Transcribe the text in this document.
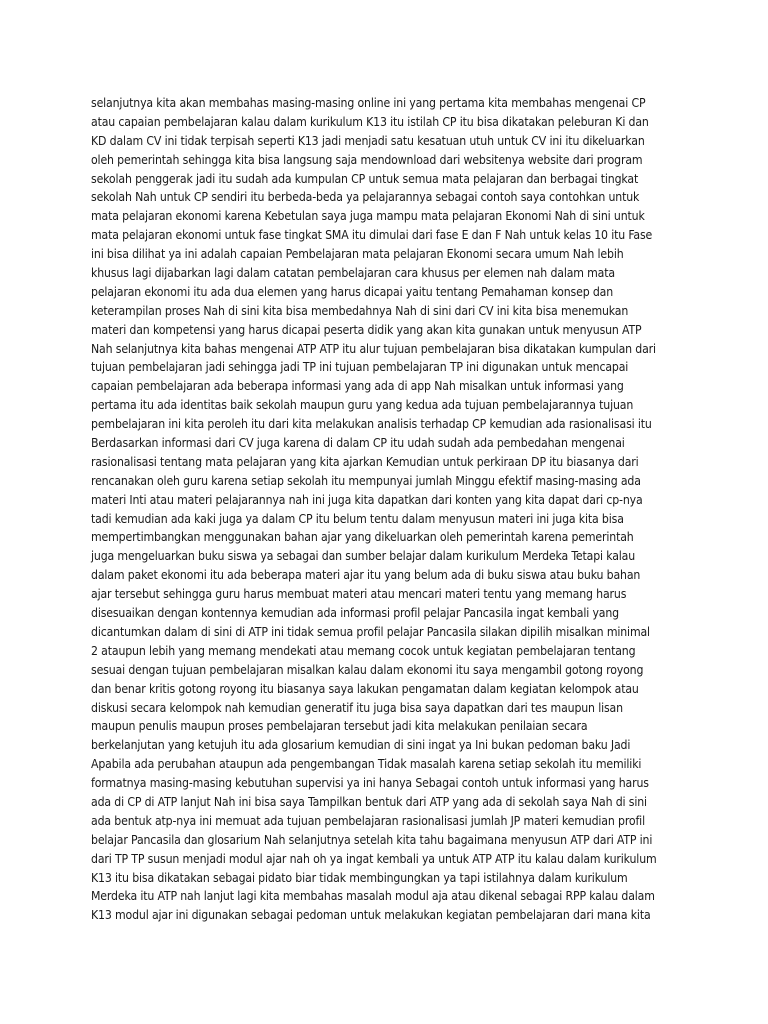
selanjutnya kita akan membahas masing-masing online ini yang pertama kita membahas mengenai CP
atau capaian pembelajaran kalau dalam kurikulum K13 itu istilah CP itu bisa dikatakan peleburan Ki dan
KD dalam CV ini tidak terpisah seperti K13 jadi menjadi satu kesatuan utuh untuk CV ini itu dikeluarkan
oleh pemerintah sehingga kita bisa langsung saja mendownload dari websitenya website dari program
sekolah penggerak jadi itu sudah ada kumpulan CP untuk semua mata pelajaran dan berbagai tingkat
sekolah Nah untuk CP sendiri itu berbeda-beda ya pelajarannya sebagai contoh saya contohkan untuk
mata pelajaran ekonomi karena Kebetulan saya juga mampu mata pelajaran Ekonomi Nah di sini untuk
mata pelajaran ekonomi untuk fase tingkat SMA itu dimulai dari fase E dan F Nah untuk kelas 10 itu Fase
ini bisa dilihat ya ini adalah capaian Pembelajaran mata pelajaran Ekonomi secara umum Nah lebih
khusus lagi dijabarkan lagi dalam catatan pembelajaran cara khusus per elemen nah dalam mata
pelajaran ekonomi itu ada dua elemen yang harus dicapai yaitu tentang Pemahaman konsep dan
keterampilan proses Nah di sini kita bisa membedahnya Nah di sini dari CV ini kita bisa menemukan
materi dan kompetensi yang harus dicapai peserta didik yang akan kita gunakan untuk menyusun ATP
Nah selanjutnya kita bahas mengenai ATP ATP itu alur tujuan pembelajaran bisa dikatakan kumpulan dari
tujuan pembelajaran jadi sehingga jadi TP ini tujuan pembelajaran TP ini digunakan untuk mencapai
capaian pembelajaran ada beberapa informasi yang ada di app Nah misalkan untuk informasi yang
pertama itu ada identitas baik sekolah maupun guru yang kedua ada tujuan pembelajarannya tujuan
pembelajaran ini kita peroleh itu dari kita melakukan analisis terhadap CP kemudian ada rasionalisasi itu
Berdasarkan informasi dari CV juga karena di dalam CP itu udah sudah ada pembedahan mengenai
rasionalisasi tentang mata pelajaran yang kita ajarkan Kemudian untuk perkiraan DP itu biasanya dari
rencanakan oleh guru karena setiap sekolah itu mempunyai jumlah Minggu efektif masing-masing ada
materi Inti atau materi pelajarannya nah ini juga kita dapatkan dari konten yang kita dapat dari cp-nya
tadi kemudian ada kaki juga ya dalam CP itu belum tentu dalam menyusun materi ini juga kita bisa
mempertimbangkan menggunakan bahan ajar yang dikeluarkan oleh pemerintah karena pemerintah
juga mengeluarkan buku siswa ya sebagai dan sumber belajar dalam kurikulum Merdeka Tetapi kalau
dalam paket ekonomi itu ada beberapa materi ajar itu yang belum ada di buku siswa atau buku bahan
ajar tersebut sehingga guru harus membuat materi atau mencari materi tentu yang memang harus
disesuaikan dengan kontennya kemudian ada informasi profil pelajar Pancasila ingat kembali yang
dicantumkan dalam di sini di ATP ini tidak semua profil pelajar Pancasila silakan dipilih misalkan minimal
2 ataupun lebih yang memang mendekati atau memang cocok untuk kegiatan pembelajaran tentang
sesuai dengan tujuan pembelajaran misalkan kalau dalam ekonomi itu saya mengambil gotong royong
dan benar kritis gotong royong itu biasanya saya lakukan pengamatan dalam kegiatan kelompok atau
diskusi secara kelompok nah kemudian generatif itu juga bisa saya dapatkan dari tes maupun lisan
maupun penulis maupun proses pembelajaran tersebut jadi kita melakukan penilaian secara
berkelanjutan yang ketujuh itu ada glosarium kemudian di sini ingat ya Ini bukan pedoman baku Jadi
Apabila ada perubahan ataupun ada pengembangan Tidak masalah karena setiap sekolah itu memiliki
formatnya masing-masing kebutuhan supervisi ya ini hanya Sebagai contoh untuk informasi yang harus
ada di CP di ATP lanjut Nah ini bisa saya Tampilkan bentuk dari ATP yang ada di sekolah saya Nah di sini
ada bentuk atp-nya ini memuat ada tujuan pembelajaran rasionalisasi jumlah JP materi kemudian profil
belajar Pancasila dan glosarium Nah selanjutnya setelah kita tahu bagaimana menyusun ATP dari ATP ini
dari TP TP susun menjadi modul ajar nah oh ya ingat kembali ya untuk ATP ATP itu kalau dalam kurikulum
K13 itu bisa dikatakan sebagai pidato biar tidak membingungkan ya tapi istilahnya dalam kurikulum
Merdeka itu ATP nah lanjut lagi kita membahas masalah modul aja atau dikenal sebagai RPP kalau dalam
K13 modul ajar ini digunakan sebagai pedoman untuk melakukan kegiatan pembelajaran dari mana kita
